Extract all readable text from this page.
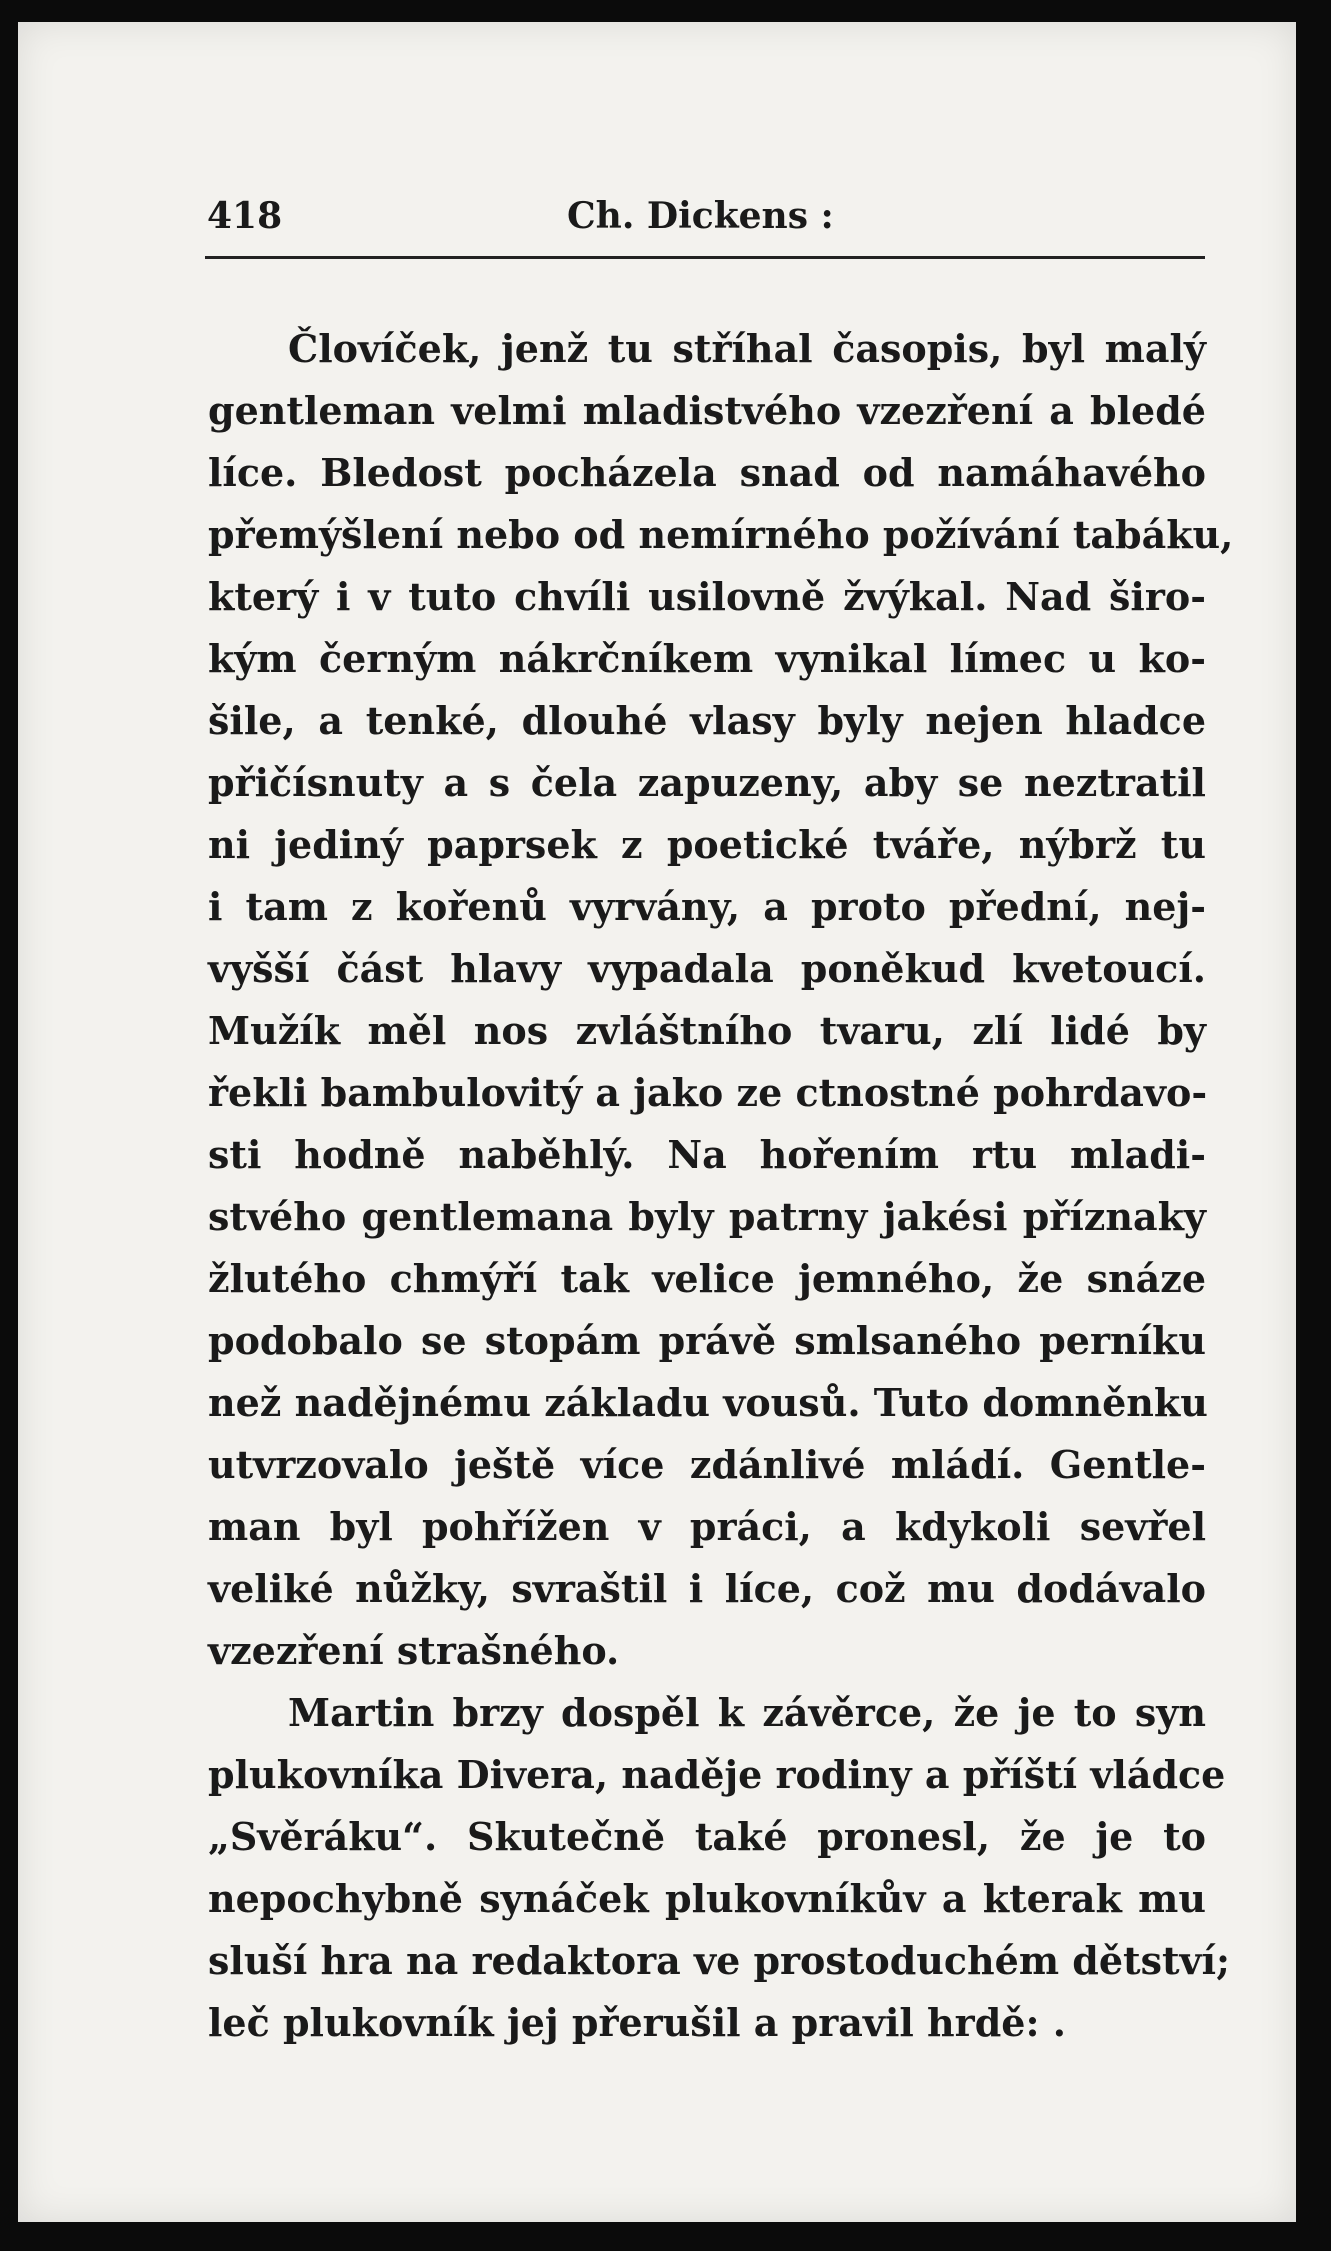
418	Ch. Dickens :
Človíček, jenž tu stříhal časopis, byl malý
gentleman velmi mladistvého vzezření a bledé
líce. Bledost pocházela snad od namáhavého
přemýšlení nebo od nemírného požívání tabáku,
který i v tuto chvíli usilovně žvýkal. Nad širo-
kým černým nákrčníkem vynikal límec u ko-
šile, a tenké, dlouhé vlasy byly nejen hladce
přičísnuty a s čela zapuzeny, aby se neztratil
ni jediný paprsek z poetické tváře, nýbrž tu
i tam z kořenů vyrvány, a proto přední, nej-
vyšší část hlavy vypadala poněkud kvetoucí.
Mužík měl nos zvláštního tvaru, zlí lidé by
řekli bambulovitý a jako ze ctnostné pohrdavo-
sti hodně naběhlý. Na hořením rtu mladi-
stvého gentlemana byly patrny jakési příznaky
žlutého chmýří tak velice jemného, že snáze
podobalo se stopám právě smlsaného perníku
než nadějnému základu vousů. Tuto domněnku
utvrzovalo ještě více zdánlivé mládí. Gentle-
man byl pohřížen v práci, a kdykoli sevřel
veliké nůžky, svraštil i líce, což mu dodávalo
vzezření strašného.
Martin brzy dospěl k závěrce, že je to syn
plukovníka Divera, naděje rodiny a příští vládce
„Svěráku“. Skutečně také pronesl, že je to
nepochybně synáček plukovníkův a kterak mu
sluší hra na redaktora ve prostoduchém dětství;
leč plukovník jej přerušil a pravil hrdě: .
